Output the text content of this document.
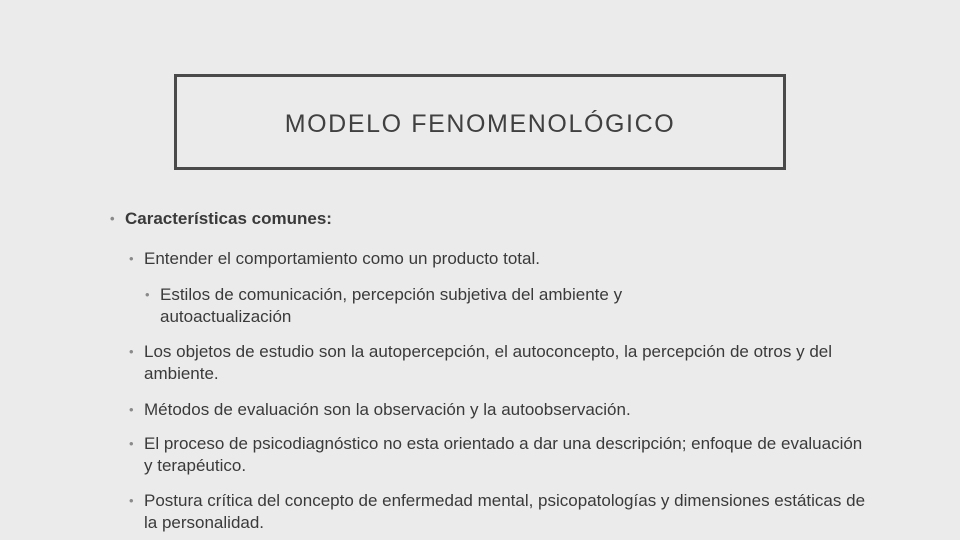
MODELO FENOMENOLÓGICO
• Características comunes:
• Entender el comportamiento como un producto total.
• Estilos de comunicación, percepción subjetiva del ambiente y autoactualización
• Los objetos de estudio son la autopercepción, el autoconcepto, la percepción de otros y del ambiente.
• Métodos de evaluación son la observación y la autoobservación.
• El proceso de psicodiagnóstico no esta orientado a dar una descripción; enfoque de evaluación y terapéutico.
• Postura crítica del concepto de enfermedad mental, psicopatologías y dimensiones estáticas de la personalidad.
